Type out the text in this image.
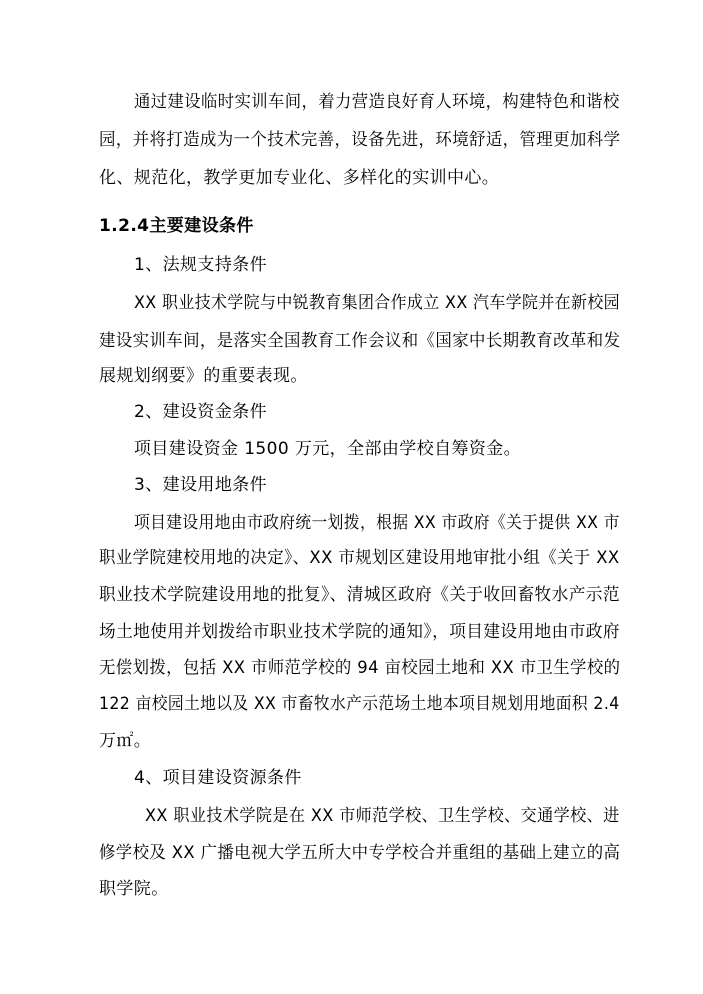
通过建设临时实训车间，着力营造良好育人环境，构建特色和谐校
园，并将打造成为一个技术完善，设备先进，环境舒适，管理更加科学
化、规范化，教学更加专业化、多样化的实训中心。
1.2.4主要建设条件
1、法规支持条件
XX 职业技术学院与中锐教育集团合作成立 XX 汽车学院并在新校园
建设实训车间，是落实全国教育工作会议和《国家中长期教育改革和发
展规划纲要》的重要表现。
2、建设资金条件
项目建设资金 1500 万元，全部由学校自筹资金。
3、建设用地条件
项目建设用地由市政府统一划拨，根据 XX 市政府《关于提供 XX 市
职业学院建校用地的决定》、XX 市规划区建设用地审批小组《关于 XX
职业技术学院建设用地的批复》、清城区政府《关于收回畜牧水产示范
场土地使用并划拨给市职业技术学院的通知》，项目建设用地由市政府
无偿划拨，包括 XX 市师范学校的 94 亩校园土地和 XX 市卫生学校的
122 亩校园土地以及 XX 市畜牧水产示范场土地本项目规划用地面积 2.4
万㎡。
4、项目建设资源条件
XX 职业技术学院是在 XX 市师范学校、卫生学校、交通学校、进
修学校及 XX 广播电视大学五所大中专学校合并重组的基础上建立的高
职学院。
